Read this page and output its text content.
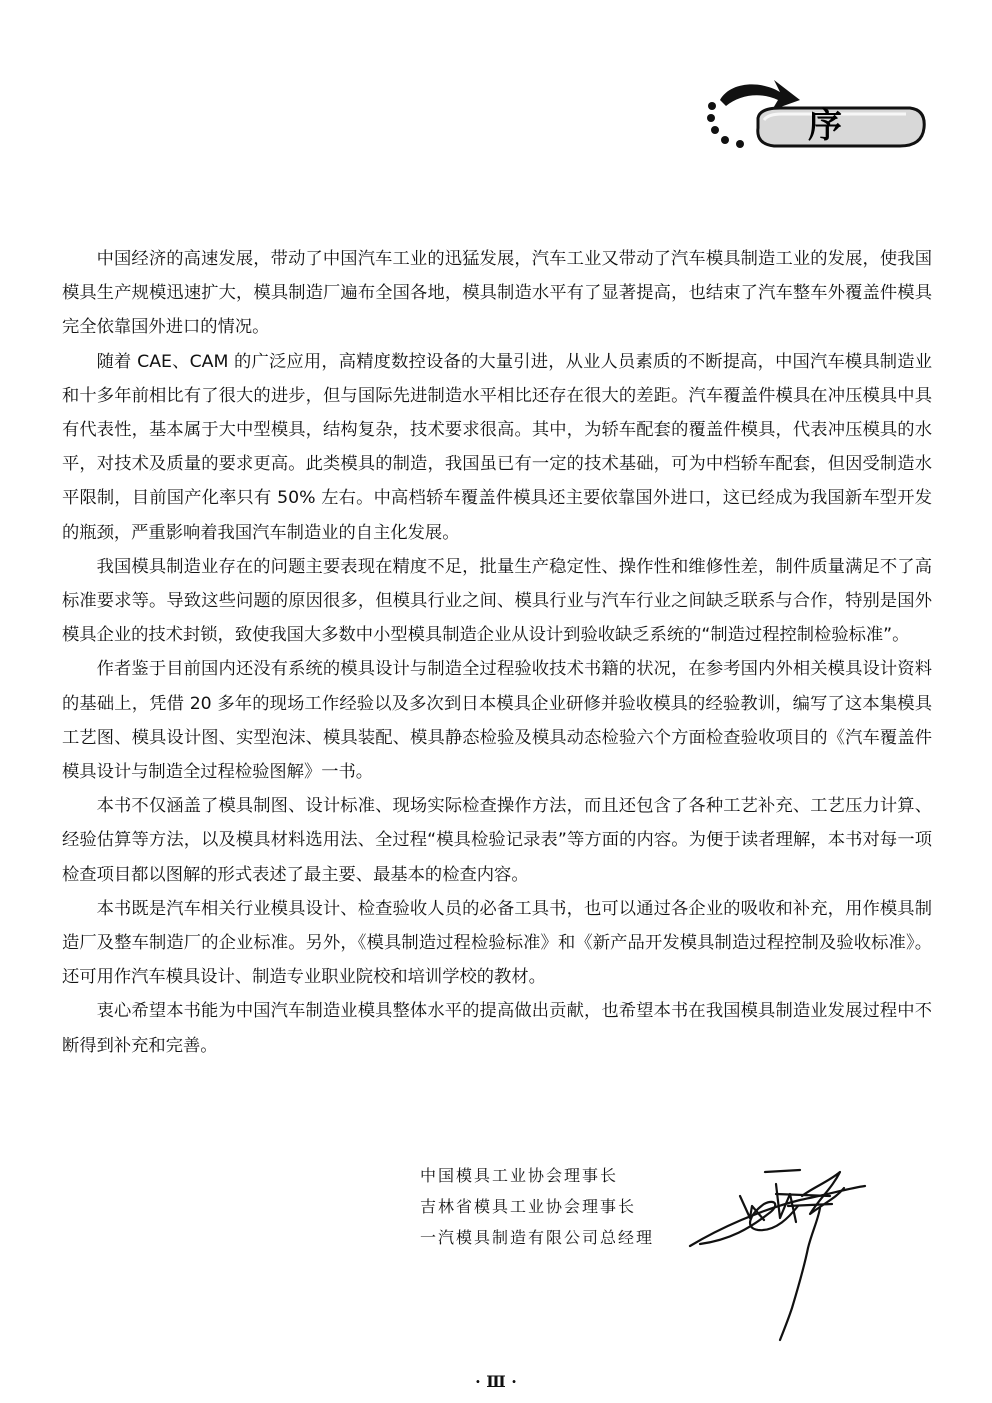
序

中国经济的高速发展，带动了中国汽车工业的迅猛发展，汽车工业又带动了汽车模具制造工业的发展，使我国模具生产规模迅速扩大，模具制造厂遍布全国各地，模具制造水平有了显著提高，也结束了汽车整车外覆盖件模具完全依靠国外进口的情况。

随着 CAE、CAM 的广泛应用，高精度数控设备的大量引进，从业人员素质的不断提高，中国汽车模具制造业和十多年前相比有了很大的进步，但与国际先进制造水平相比还存在很大的差距。汽车覆盖件模具在冲压模具中具有代表性，基本属于大中型模具，结构复杂，技术要求很高。其中，为轿车配套的覆盖件模具，代表冲压模具的水平，对技术及质量的要求更高。此类模具的制造，我国虽已有一定的技术基础，可为中档轿车配套，但因受制造水平限制，目前国产化率只有 50% 左右。中高档轿车覆盖件模具还主要依靠国外进口，这已经成为我国新车型开发的瓶颈，严重影响着我国汽车制造业的自主化发展。

我国模具制造业存在的问题主要表现在精度不足，批量生产稳定性、操作性和维修性差，制件质量满足不了高标准要求等。导致这些问题的原因很多，但模具行业之间、模具行业与汽车行业之间缺乏联系与合作，特别是国外模具企业的技术封锁，致使我国大多数中小型模具制造企业从设计到验收缺乏系统的“制造过程控制检验标准”。

作者鉴于目前国内还没有系统的模具设计与制造全过程验收技术书籍的状况，在参考国内外相关模具设计资料的基础上，凭借 20 多年的现场工作经验以及多次到日本模具企业研修并验收模具的经验教训，编写了这本集模具工艺图、模具设计图、实型泡沫、模具装配、模具静态检验及模具动态检验六个方面检查验收项目的《汽车覆盖件模具设计与制造全过程检验图解》一书。

本书不仅涵盖了模具制图、设计标准、现场实际检查操作方法，而且还包含了各种工艺补充、工艺压力计算、经验估算等方法，以及模具材料选用法、全过程“模具检验记录表”等方面的内容。为便于读者理解，本书对每一项检查项目都以图解的形式表述了最主要、最基本的检查内容。

本书既是汽车相关行业模具设计、检查验收人员的必备工具书，也可以通过各企业的吸收和补充，用作模具制造厂及整车制造厂的企业标准。另外，《模具制造过程检验标准》和《新产品开发模具制造过程控制及验收标准》。还可用作汽车模具设计、制造专业职业院校和培训学校的教材。

衷心希望本书能为中国汽车制造业模具整体水平的提高做出贡献，也希望本书在我国模具制造业发展过程中不断得到补充和完善。

中国模具工业协会理事长
吉林省模具工业协会理事长
一汽模具制造有限公司总经理
· Ⅲ ·
